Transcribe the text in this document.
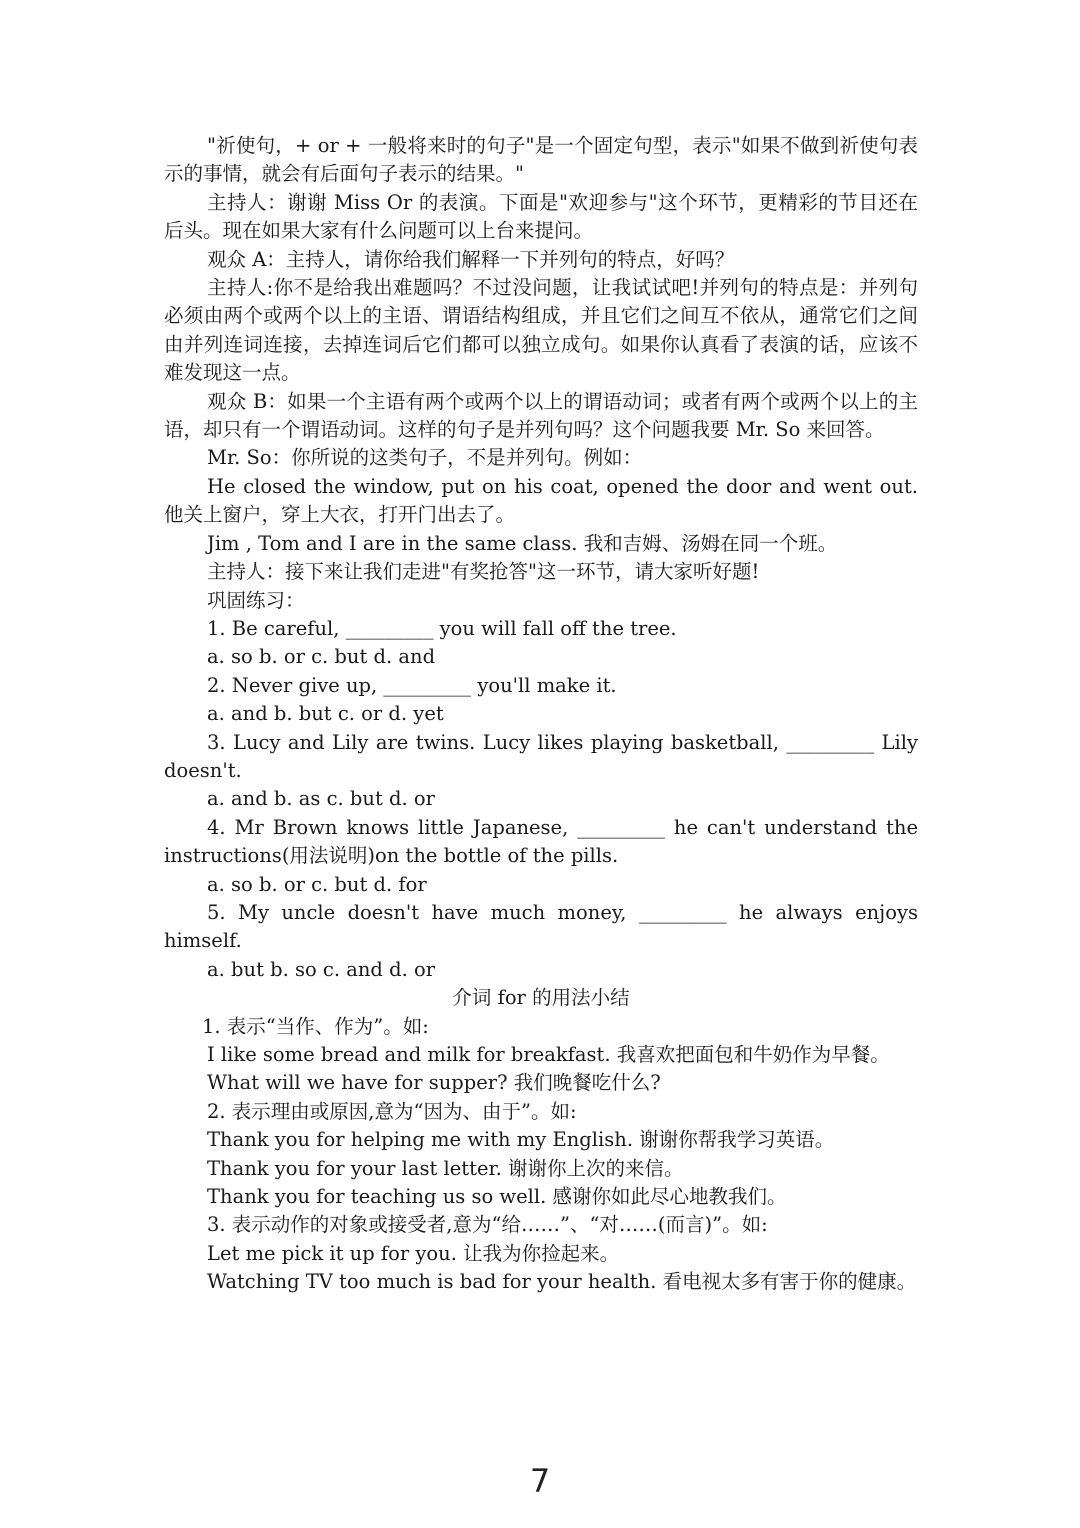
"祈使句，+ or + 一般将来时的句子"是一个固定句型，表示"如果不做到祈使句表示的事情，就会有后面句子表示的结果。"

主持人：谢谢 Miss Or 的表演。下面是"欢迎参与"这个环节，更精彩的节目还在后头。现在如果大家有什么问题可以上台来提问。

观众 A：主持人，请你给我们解释一下并列句的特点，好吗？

主持人:你不是给我出难题吗？不过没问题，让我试试吧!并列句的特点是：并列句必须由两个或两个以上的主语、谓语结构组成，并且它们之间互不依从，通常它们之间由并列连词连接，去掉连词后它们都可以独立成句。如果你认真看了表演的话，应该不难发现这一点。

观众 B：如果一个主语有两个或两个以上的谓语动词；或者有两个或两个以上的主语，却只有一个谓语动词。这样的句子是并列句吗？这个问题我要 Mr. So 来回答。

Mr. So：你所说的这类句子，不是并列句。例如：

He closed the window, put on his coat, opened the door and went out. 他关上窗户，穿上大衣，打开门出去了。

Jim , Tom and I are in the same class. 我和吉姆、汤姆在同一个班。

主持人：接下来让我们走进"有奖抢答"这一环节，请大家听好题!

巩固练习：

1. Be careful, _________ you will fall off the tree.

a. so b. or c. but d. and

2. Never give up, _________ you'll make it.

a. and b. but c. or d. yet

3. Lucy and Lily are twins. Lucy likes playing basketball, _________ Lily doesn't.

a. and b. as c. but d. or

4. Mr Brown knows little Japanese, _________ he can't understand the instructions(用法说明)on the bottle of the pills.

a. so b. or c. but d. for

5. My uncle doesn't have much money, _________ he always enjoys himself.

a. but b. so c. and d. or

介词 for 的用法小结

1. 表示“当作、作为”。如:

I like some bread and milk for breakfast. 我喜欢把面包和牛奶作为早餐。

What will we have for supper? 我们晚餐吃什么?

2. 表示理由或原因,意为“因为、由于”。如:

Thank you for helping me with my English. 谢谢你帮我学习英语。

Thank you for your last letter. 谢谢你上次的来信。

Thank you for teaching us so well. 感谢你如此尽心地教我们。

3. 表示动作的对象或接受者,意为“给……”、“对……(而言)”。如:

Let me pick it up for you. 让我为你捡起来。

Watching TV too much is bad for your health. 看电视太多有害于你的健康。

7
